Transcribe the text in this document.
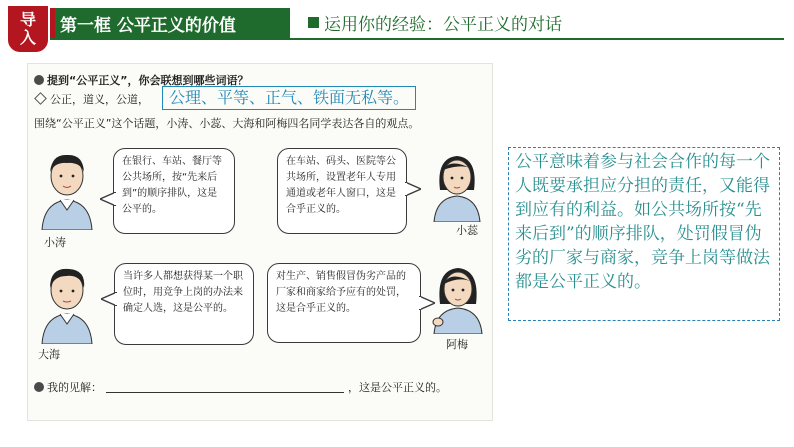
导
入
第一框 公平正义的价值	运用你的经验：公平正义的对话
提到“公平正义”，你会联想到哪些词语？
公正，道义，公道，	公理、平等、正气、铁面无私等。
围绕“公平正义”这个话题，小涛、小蕊、大海和阿梅四名同学表达各自的观点。
小涛
在银行、车站、餐厅等公共场所，按“先来后到”的顺序排队，这是公平的。
在车站、码头、医院等公共场所，设置老年人专用通道或老年人窗口，这是合乎正义的。
小蕊
大海
当许多人都想获得某一个职位时，用竞争上岗的办法来确定人选，这是公平的。
对生产、销售假冒伪劣产品的厂家和商家给予应有的处罚，这是合乎正义的。
阿梅
我的见解：	，这是公平正义的。
公平意味着参与社会合作的每一个人既要承担应分担的责任，又能得到应有的利益。如公共场所按“先来后到”的顺序排队，处罚假冒伪劣的厂家与商家，竞争上岗等做法都是公平正义的。
